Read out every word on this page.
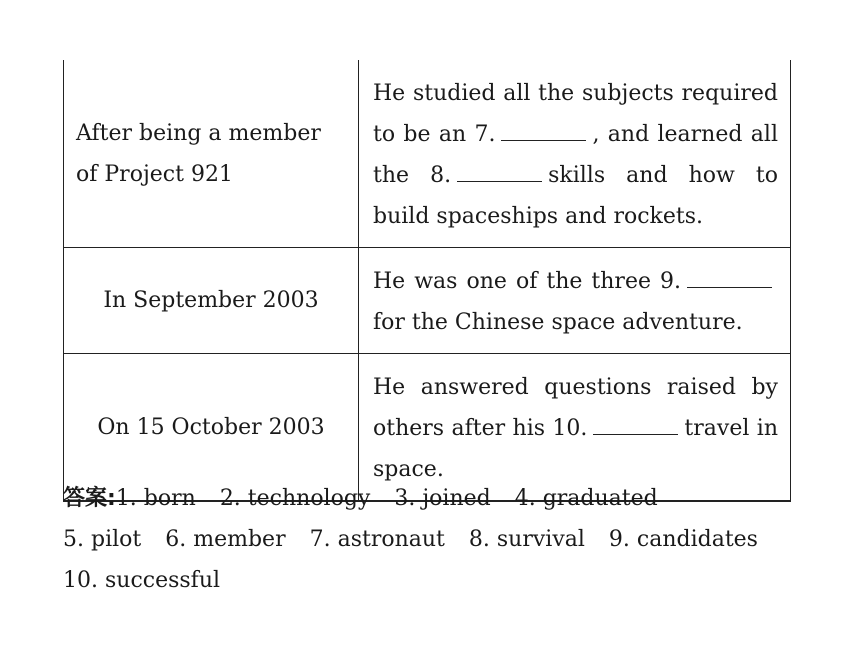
After being a member of Project 921	He studied all the subjects required to be an 7. , and learned all the 8. skills and how to build spaceships and rockets.
In September 2003	He was one of the three 9.for the Chinese space adventure.
On 15 October 2003	He answered questions raised by others after his 10. travel in space.
答案:1. born 2. technology 3. joined 4. graduated
5. pilot 6. member 7. astronaut 8. survival 9. candidates
10. successful
